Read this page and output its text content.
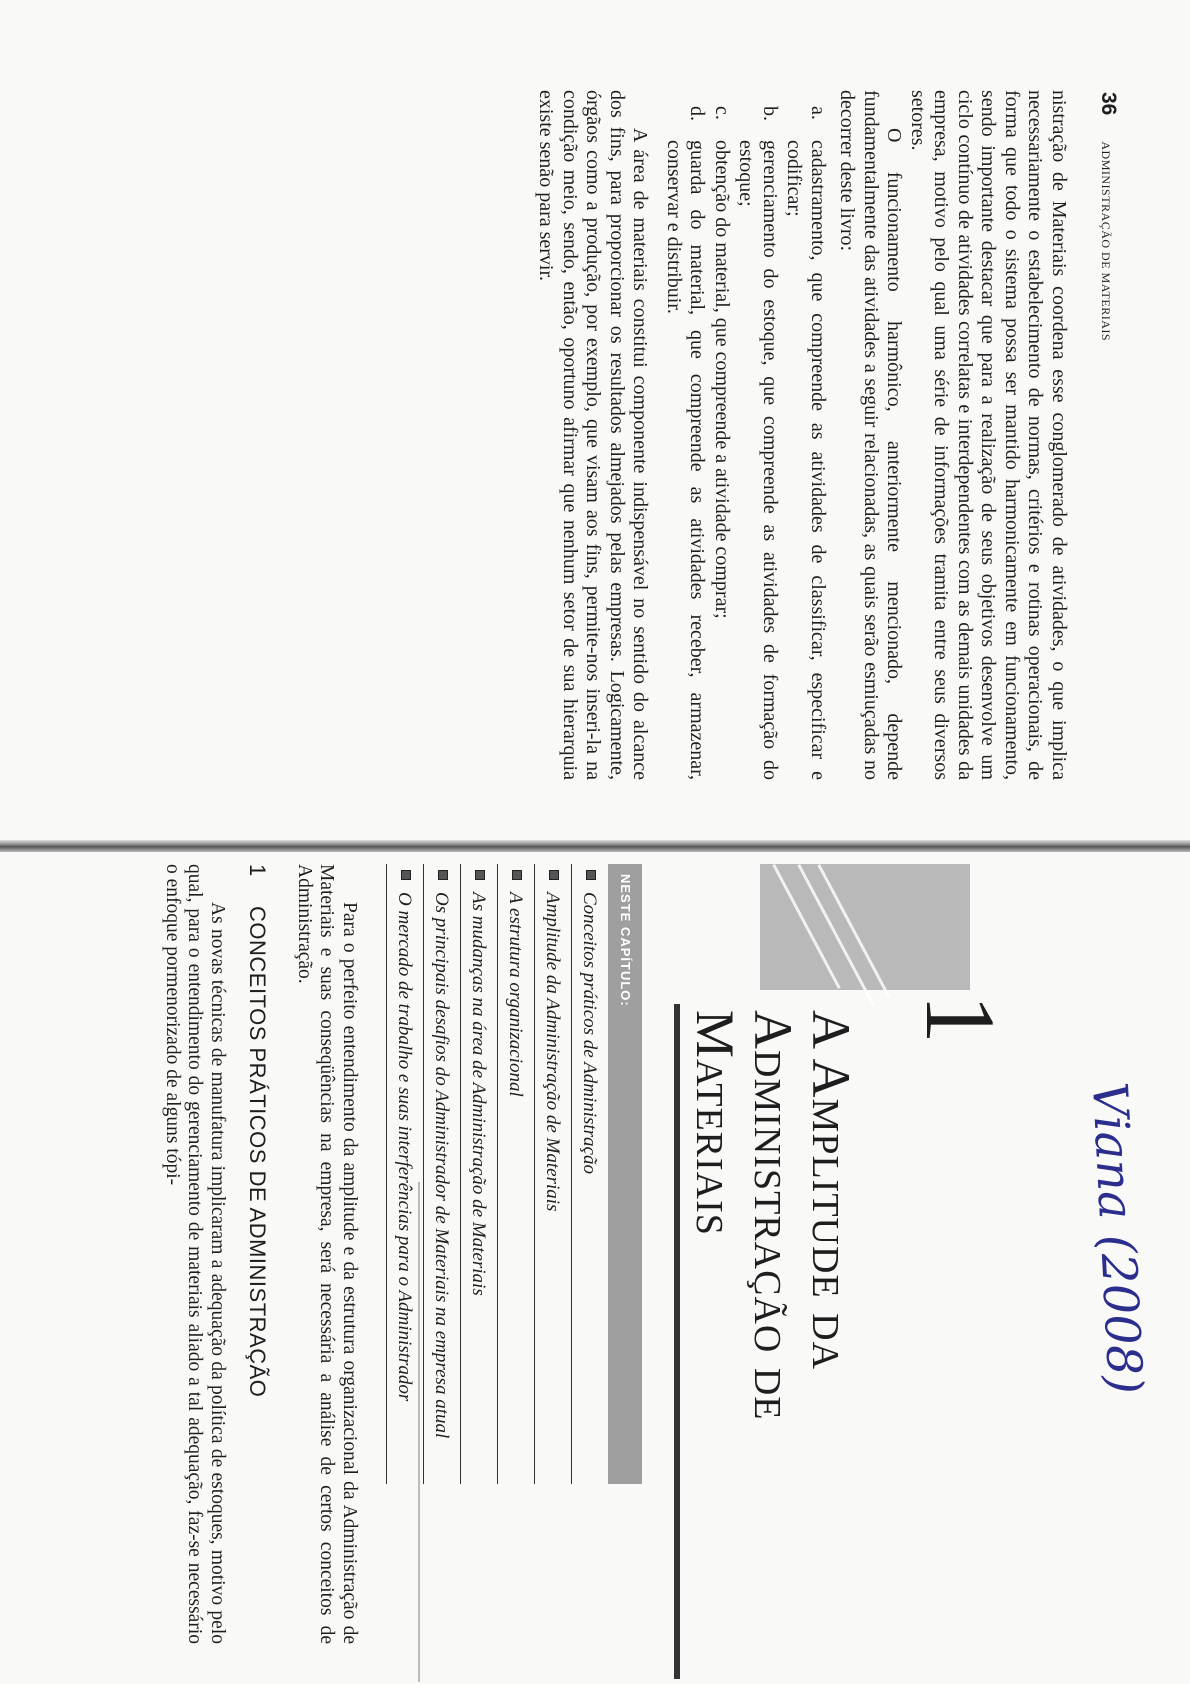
36
ADMINISTRAÇÃO DE MATERIAIS

nistração de Materiais coordena esse conglomerado de atividades, o que implica necessariamente o estabelecimento de normas, critérios e rotinas operacionais, de forma que todo o sistema possa ser mantido harmonicamente em funcionamento, sendo importante destacar que para a realização de seus objetivos desenvolve um ciclo contínuo de atividades correlatas e interdependentes com as demais unidades da empresa, motivo pelo qual uma série de informações tramita entre seus diversos setores.

O funcionamento harmônico, anteriormente mencionado, depende fundamentalmente das atividades a seguir relacionadas, as quais serão esmiuçadas no decorrer deste livro:

a.
cadastramento, que compreende as atividades de classificar, especificar e codificar;
b.
gerenciamento do estoque, que compreende as atividades de formação do estoque;
c.
obtenção do material, que compreende a atividade comprar;
d.
guarda do material, que compreende as atividades receber, armazenar, conservar e distribuir.

A área de materiais constitui componente indispensável no sentido do alcance dos fins, para proporcionar os resultados almejados pelas empresas. Logicamente, órgãos como a produção, por exemplo, que visam aos fins, permite-nos inseri-la na condição meio, sendo, então, oportuno afirmar que nenhum setor de sua hierarquia existe senão para servir.

Viana (2008)
1
A Amplitude da
Administração de
Materiais
NESTE CAPÍTULO:
Conceitos práticos de Administração
Amplitude da Administração de Materiais
A estrutura organizacional
As mudanças na área de Administração de Materiais
Os principais desafios do Administrador de Materiais na empresa atual
O mercado de trabalho e suas interferências para o Administrador

Para o perfeito entendimento da amplitude e da estrutura organizacional da Administração de Materiais e suas conseqüências na empresa, será necessária a análise de certos conceitos de Administração.

1CONCEITOS PRÁTICOS DE ADMINISTRAÇÃO

As novas técnicas de manufatura implicaram a adequação da política de estoques, motivo pelo qual, para o entendimento do gerenciamento de materiais aliado a tal adequação, faz-se necessário o enfoque pormenorizado de alguns tópi-
